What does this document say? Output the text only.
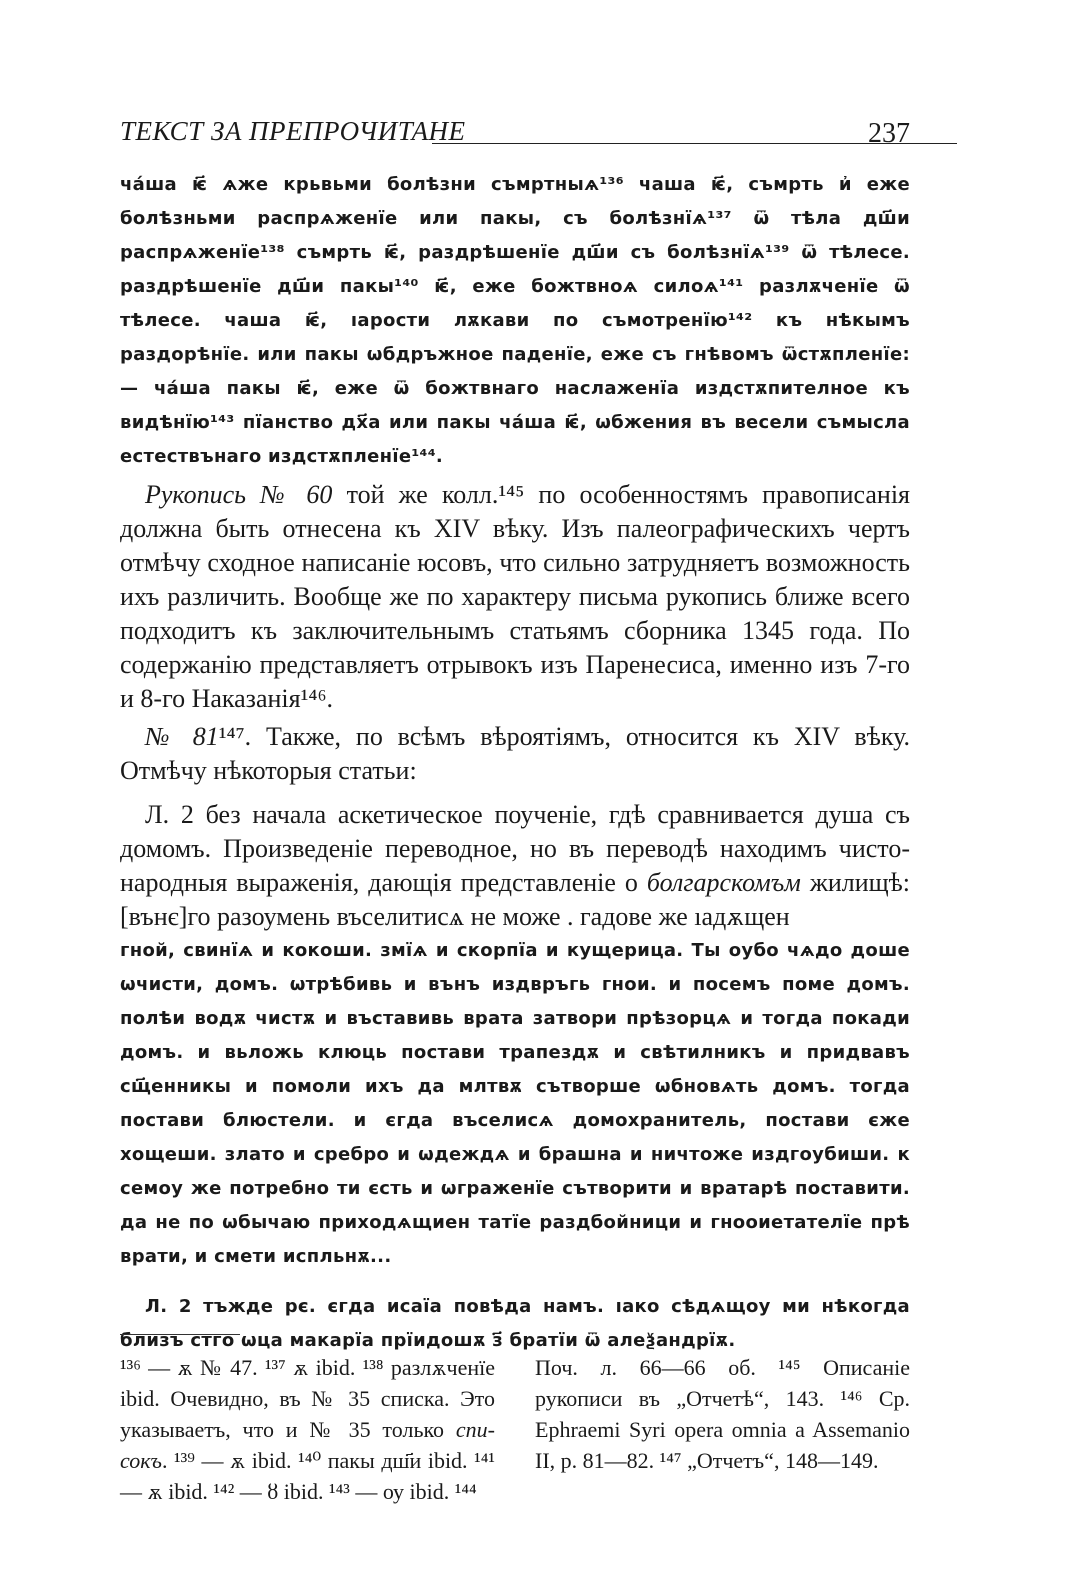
ТЕКСТ ЗА ПРЕПРОЧИТАНЕ	237

ча́ша ѥ҃ ѧже крьвьми болѣзни съмртныѧ¹³⁶ чаша ѥ҃, съмрть и҆ еже болѣзньми распрѧженїе или пакы, съ болѣзнїѧ¹³⁷ ѿ тѣла дш҃и распрѧженїе¹³⁸ съмрть ѥ҃, раздрѣшенїе дш҃и съ болѣзнїѧ¹³⁹ ѿ тѣлесе. раздрѣшенїе дш҃и пакы¹⁴⁰ ѥ҃, еже божтвноѧ силоѧ¹⁴¹ разлѫченїе ѿ тѣлесе. чаша ѥ҃, ıарости лѫкави по съмотренїю¹⁴² къ нѣкымъ раздорѣнїе. или пакы ѡбдръжное паденїе, еже съ гнѣвомъ ѿстѫпленїе: — ча́ша пакы ѥ҃, еже ѿ божтвнаго наслаженїа издстѫпителное къ видѣнїю¹⁴³ пїанство дх҃а или пакы ча́ша ѥ҃, ѡбжения въ весели съмысла естествънаго издстѫпленїе¹⁴⁴.

Рукопись № 60 той же колл.¹⁴⁵ по особенностямъ правописанія должна быть отнесена къ XIV вѣку. Изъ палеографическихъ чертъ отмѣчу сходное написаніе юсовъ, что сильно затрудняетъ возможность ихъ различить. Вообще же по характеру письма рукопись ближе всего подходитъ къ заключительнымъ статьямъ сборника 1345 года. По содержанію представляетъ отрывокъ изъ Паренесиса, именно изъ 7-го и 8-го Наказанія¹⁴⁶.

№ 81¹⁴⁷. Также, по всѣмъ вѣроятіямъ, относится къ XIV вѣку. Отмѣчу нѣкоторыя статьи:

Л. 2 без начала аскетическое поученіе, гдѣ сравнивается душа съ домомъ. Произведеніе переводное, но въ переводѣ находимъ чисто-народныя выраженія, дающія представленіе о болгарскомъм жилищѣ: [вънє]го разоумень въселитисѧ не може . гадове же ıадѫщен

гной, свинїѧ и кокоши. змїѧ и скорпїа и кущерица. Ты оубо чѧдо доше ѡчисти, домъ. ѡтрѣбивь и вънъ издвръгь гнои. и посемъ поме домъ. полѣи водѫ чистѫ и въставивь врата затвори прѣзорцѧ и тогда покади домъ. и вьложь клюць постави трапездѫ и свѣтилникъ и придвавъ сщ҃енникы и помоли ихъ да млтвѫ сътворше ѡбновѧть домъ. тогда постави блюстели. и єгда въселисѧ домохранитель, постави єже хощеши. злато и сребро и ѡдеждѧ и брашна и ничтоже издгоубиши. к семоу же потребно ти єсть и ѡграженїе сътворити и вратарѣ поставити. да не по ѡбычаю приходѧщиен татїе раздбойници и гнооиетателїе прѣ врати, и смети испльнѫ...

Л. 2 тъжде рє. єгда исаїа повѣда намъ. ıако сѣдѧщоу ми нѣкогда близъ стго ѡца макарїа прїидошѫ з҃ братїи ѿ алеѯандрїѫ.

¹³⁶ — ѫ № 47. ¹³⁷ ѫ ibid. ¹³⁸ разлѫченїе ibid. Очевидно, въ № 35 списка. Это указываетъ, что и № 35 только спи-сокъ. ¹³⁹ — ѫ ibid. ¹⁴⁰ пакы дш҃и ibid. ¹⁴¹ — ѫ ibid. ¹⁴² — ȣ ibid. ¹⁴³ — оу ibid. ¹⁴⁴

Поч. л. 66—66 об. ¹⁴⁵ Описаніе рукописи въ „Отчетѣ“, 143. ¹⁴⁶ Ср. Ephraemi Syri opera omnia a Assemanio II, p. 81—82. ¹⁴⁷ „Отчетъ“, 148—149.
